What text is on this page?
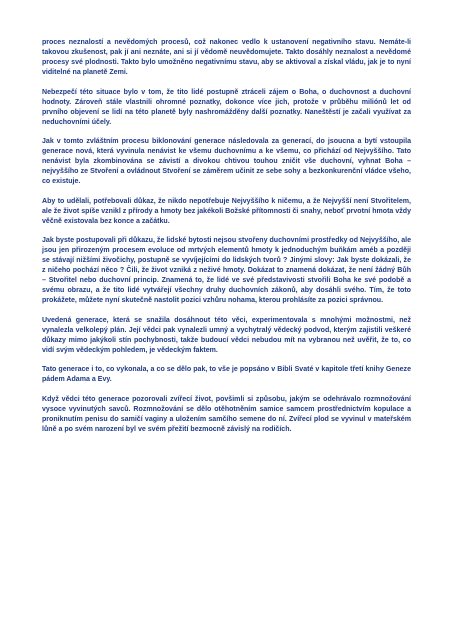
proces neznalostí a nevědomých procesů, což nakonec vedlo k ustanovení negativního stavu. Nemáte-li takovou zkušenost, pak jí ani neznáte, ani si jí vědomě neuvědomujete. Takto dosáhly neznalost a nevědomé procesy své plodnosti. Takto bylo umožněno negativnímu stavu, aby se aktivoval a získal vládu, jak je to nyní viditelné na planetě Zemi.

Nebezpečí této situace bylo v tom, že tito lidé postupně ztráceli zájem o Boha, o duchovnost a duchovní hodnoty. Zároveň stále vlastnili ohromné poznatky, dokonce více jich, protože v průběhu miliónů let od prvního objevení se lidí na této planetě byly nashromážděny další poznatky. Naneštěstí je začali využívat za neduchovními účely.

Jak v tomto zvláštním procesu biklonování generace následovala za generací, do jsoucna a bytí vstoupila generace nová, která vyvinula nenávist ke všemu duchovnímu a ke všemu, co přichází od Nejvyššího. Tato nenávist byla zkombinována se závistí a divokou chtivou touhou zničit vše duchovní, vyhnat Boha – nejvyššího ze Stvoření a ovládnout Stvoření se záměrem učinit ze sebe sohy a bezkonkurenční vládce všeho, co existuje.

Aby to udělali, potřebovali důkaz, že nikdo nepotřebuje Nejvyššího k ničemu, a že Nejvyšší není Stvořitelem, ale že život spíše vznikl z přírody a hmoty bez jakékoli Božské přítomnosti či snahy, neboť prvotní hmota vždy věčně existovala bez konce a začátku.

Jak byste postupovali při důkazu, že lidské bytosti nejsou stvořeny duchovními prostředky od Nejvyššího, ale jsou jen přirozeným procesem evoluce od mrtvých elementů hmoty k jednoduchým buňkám améb a později se stávají nižšími živočichy, postupně se vyvíjejícími do lidských tvorů ? Jinými slovy: Jak byste dokázali, že z ničeho pochází něco ? Čili, že život vzniká z neživé hmoty. Dokázat to znamená dokázat, že není žádný Bůh – Stvořitel nebo duchovní princip. Znamená to, že lidé ve své představivosti stvořili Boha ke své podobě a svému obrazu, a že tito lidé vytvářejí všechny druhy duchovních zákonů, aby dosáhli svého. Tím, že toto prokážete, můžete nyní skutečně nastolit pozici vzhůru nohama, kterou prohlásíte za pozici správnou.

Uvedená generace, která se snažila dosáhnout této věci, experimentovala s mnohými možnostmi, než vynalezla velkolepý plán. Její vědci pak vynalezli umný a vychytralý vědecký podvod, kterým zajistili veškeré důkazy mimo jakýkoli stín pochybnosti, takže budoucí vědci nebudou mít na vybranou než uvěřit, že to, co vidí svým vědeckým pohledem, je vědeckým faktem.

Tato generace i to, co vykonala, a co se dělo pak, to vše je popsáno v Bibli Svaté v kapitole třetí knihy Geneze pádem Adama a Evy.

Když vědci této generace pozorovali zvířecí život, povšimli si způsobu, jakým se odehrávalo rozmnožování vysoce vyvinutých savců. Rozmnožování se dělo otěhotněním samice samcem prostřednictvím kopulace a proniknutím penisu do samičí vaginy a uložením samčího semene do ní. Zvířecí plod se vyvinul v mateřském lůně a po svém narození byl ve svém přežití bezmocně závislý na rodičích.
